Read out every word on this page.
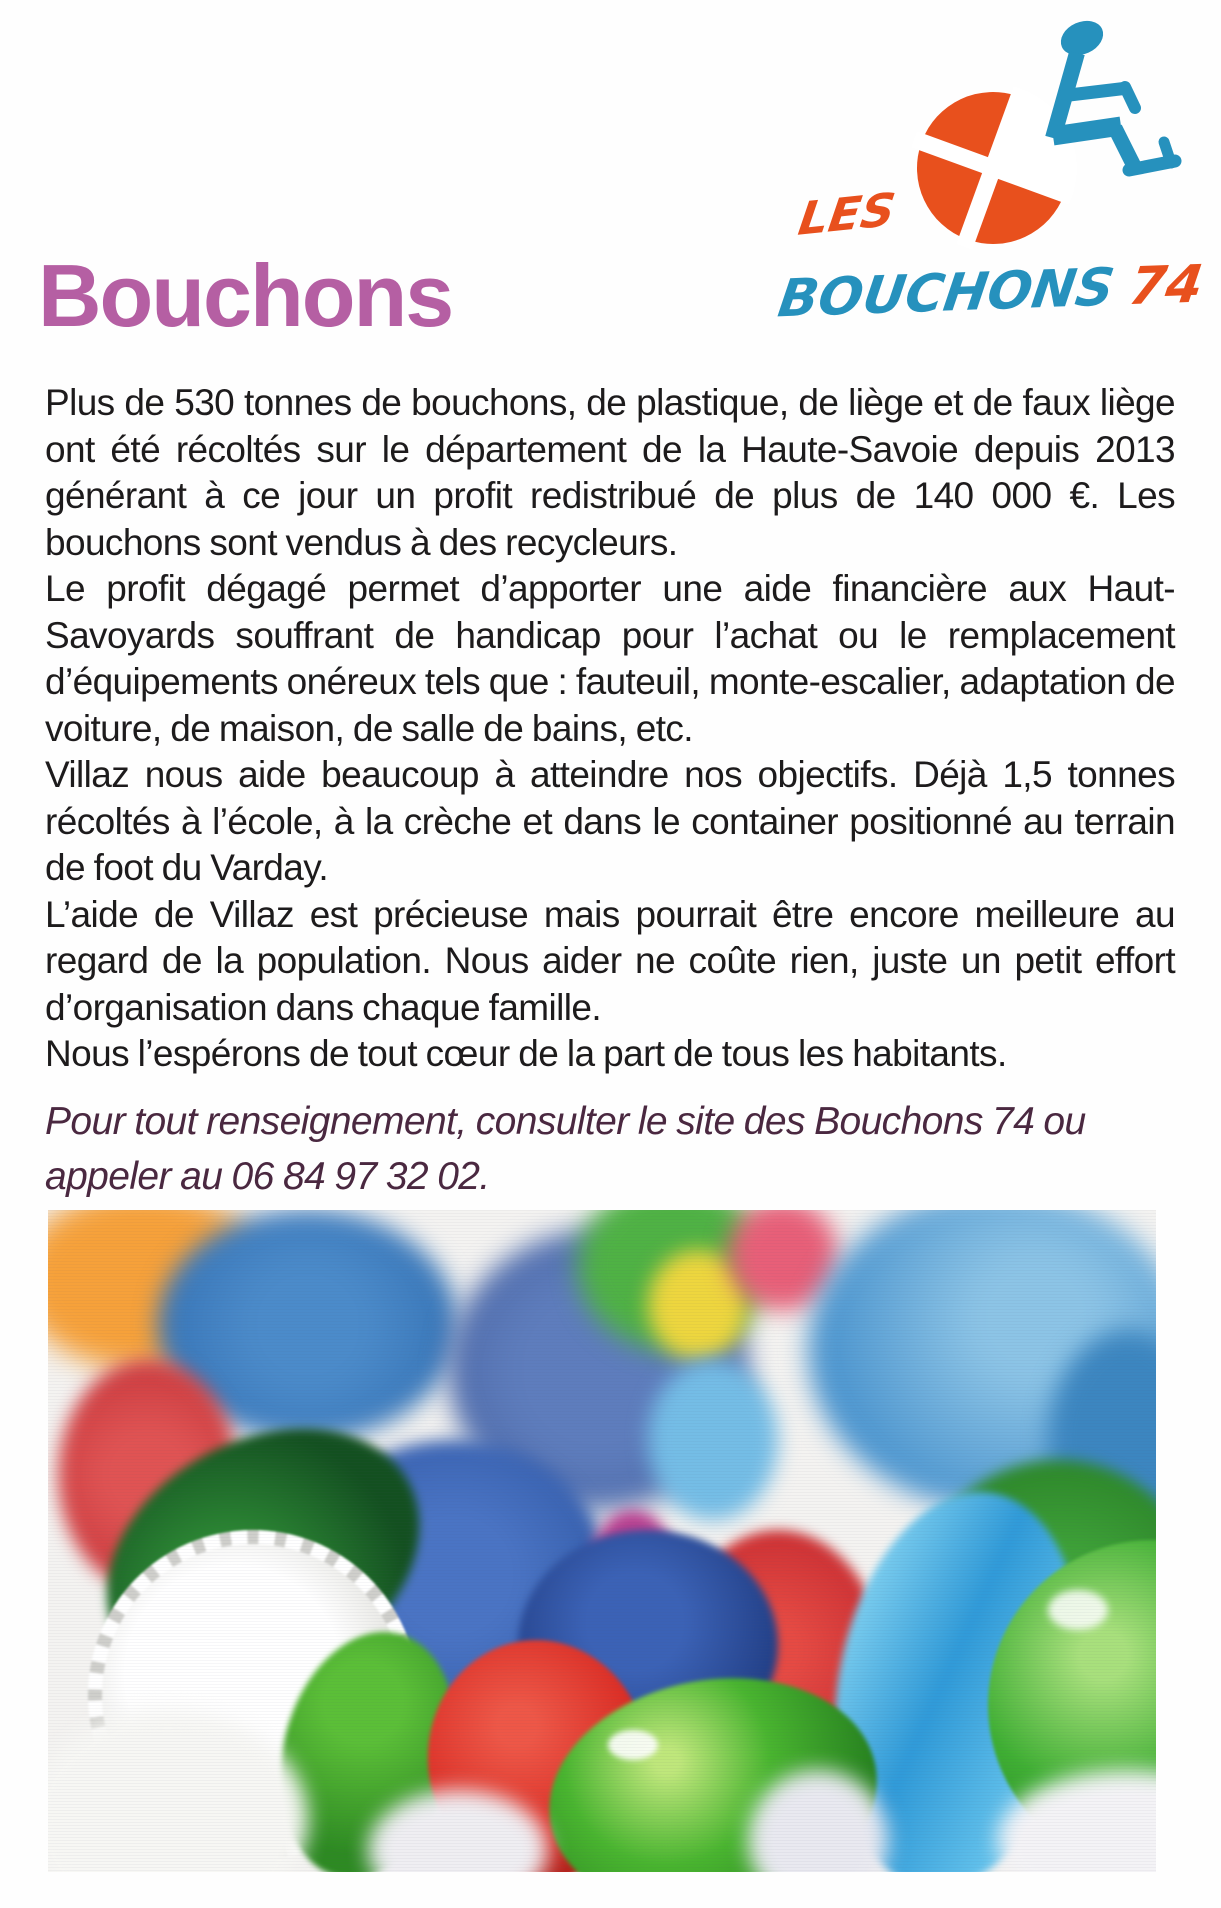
Bouchons
LES
BOUCHONS 74

Plus de 530 tonnes de bouchons, de plastique, de liège et de faux liège ont été récoltés sur le département de la Haute-Savoie depuis 2013 générant à ce jour un profit redistribué de plus de 140 000 €. Les bouchons sont vendus à des recycleurs.

Le profit dégagé permet d’apporter une aide financière aux Haut-Savoyards souffrant de handicap pour l’achat ou le remplacement d’équipements onéreux tels que : fauteuil, monte-escalier, adaptation de voiture, de maison, de salle de bains, etc.

Villaz nous aide beaucoup à atteindre nos objectifs. Déjà 1,5 tonnes récoltés à l’école, à la crèche et dans le container positionné au terrain de foot du Varday.

L’aide de Villaz est précieuse mais pourrait être encore meilleure au regard de la population. Nous aider ne coûte rien, juste un petit effort d’organisation dans chaque famille.

Nous l’espérons de tout cœur de la part de tous les habitants.

Pour tout renseignement, consulter le site des Bouchons 74 ou appeler au 06 84 97 32 02.
